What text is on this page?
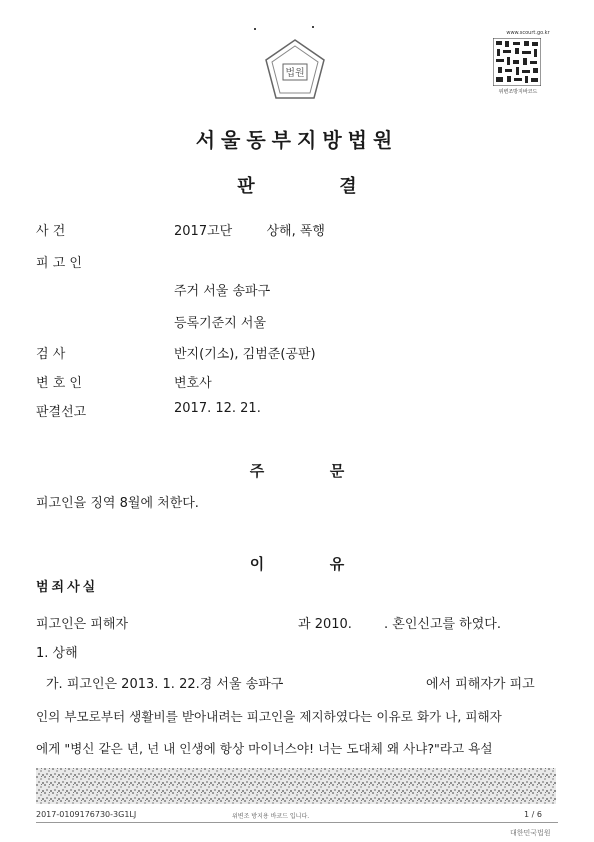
법원
www.scourt.go.kr
위변조방지바코드
서울동부지방법원
판	결
사 건	2017고단	상해, 폭행
피 고 인
주거 서울 송파구
등록기준지 서울
검 사	반지(기소), 김범준(공판)
변 호 인	변호사
판결선고	2017. 12. 21.
주	문
피고인을 징역 8월에 처한다.
이	유
범죄사실
피고인은 피해자	과 2010. . 혼인신고를 하였다.
1. 상해
가. 피고인은 2013. 1. 22.경 서울 송파구	에서 피해자가 피고
인의 부모로부터 생활비를 받아내려는 피고인을 제지하였다는 이유로 화가 나, 피해자
에게 "병신 같은 년, 넌 내 인생에 항상 마이너스야! 너는 도대체 왜 사냐?"라고 욕설
2017-0109176730-3G1LJ	위변조 방지용 바코드 입니다.	1 / 6
대한민국법원
